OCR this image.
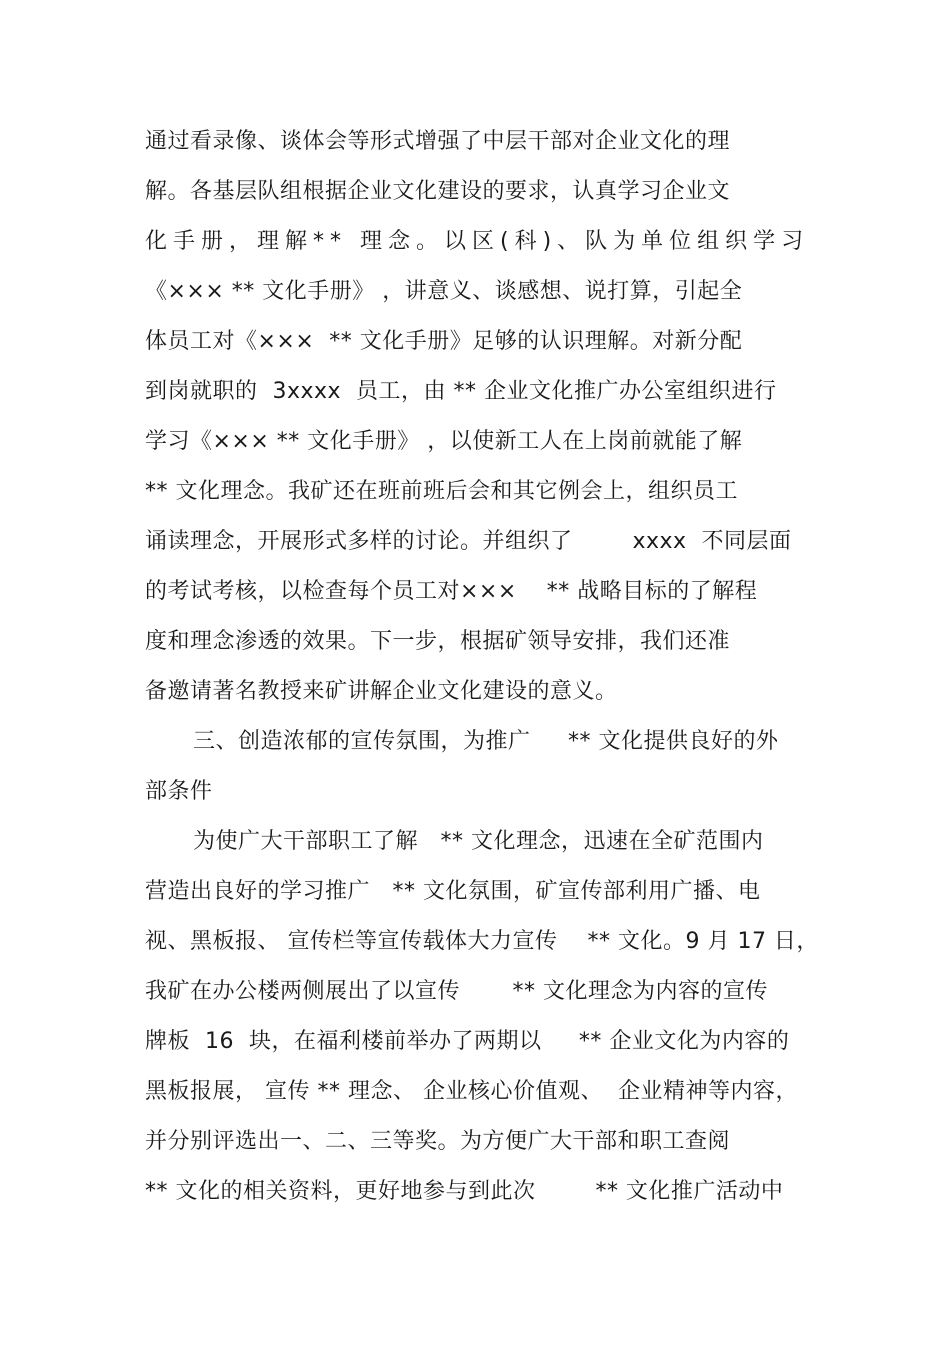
通过看录像、谈体会等形式增强了中层干部对企业文化的理
解。各基层队组根据企业文化建设的要求，认真学习企业文
化手册，理解** 理念。以区(科)、队为单位组织学习
《××× ** 文化手册》 ，讲意义、谈感想、说打算，引起全
体员工对《×××  ** 文化手册》足够的认识理解。对新分配
到岗就职的  3xxxx  员工，由 ** 企业文化推广办公室组织进行
学习《××× ** 文化手册》 ，以使新工人在上岗前就能了解
** 文化理念。我矿还在班前班后会和其它例会上，组织员工
诵读理念，开展形式多样的讨论。并组织了        xxxx  不同层面
的考试考核，以检查每个员工对×××    ** 战略目标的了解程
度和理念渗透的效果。下一步，根据矿领导安排，我们还准
备邀请著名教授来矿讲解企业文化建设的意义。
三、创造浓郁的宣传氛围，为推广     ** 文化提供良好的外
部条件
为使广大干部职工了解   ** 文化理念，迅速在全矿范围内
营造出良好的学习推广   ** 文化氛围，矿宣传部利用广播、电
视、黑板报、 宣传栏等宣传载体大力宣传    ** 文化。9 月 17 日，
我矿在办公楼两侧展出了以宣传       ** 文化理念为内容的宣传
牌板  16  块，在福利楼前举办了两期以     ** 企业文化为内容的
黑板报展， 宣传 ** 理念、 企业核心价值观、  企业精神等内容，
并分别评选出一、二、三等奖。为方便广大干部和职工查阅
** 文化的相关资料，更好地参与到此次        ** 文化推广活动中
